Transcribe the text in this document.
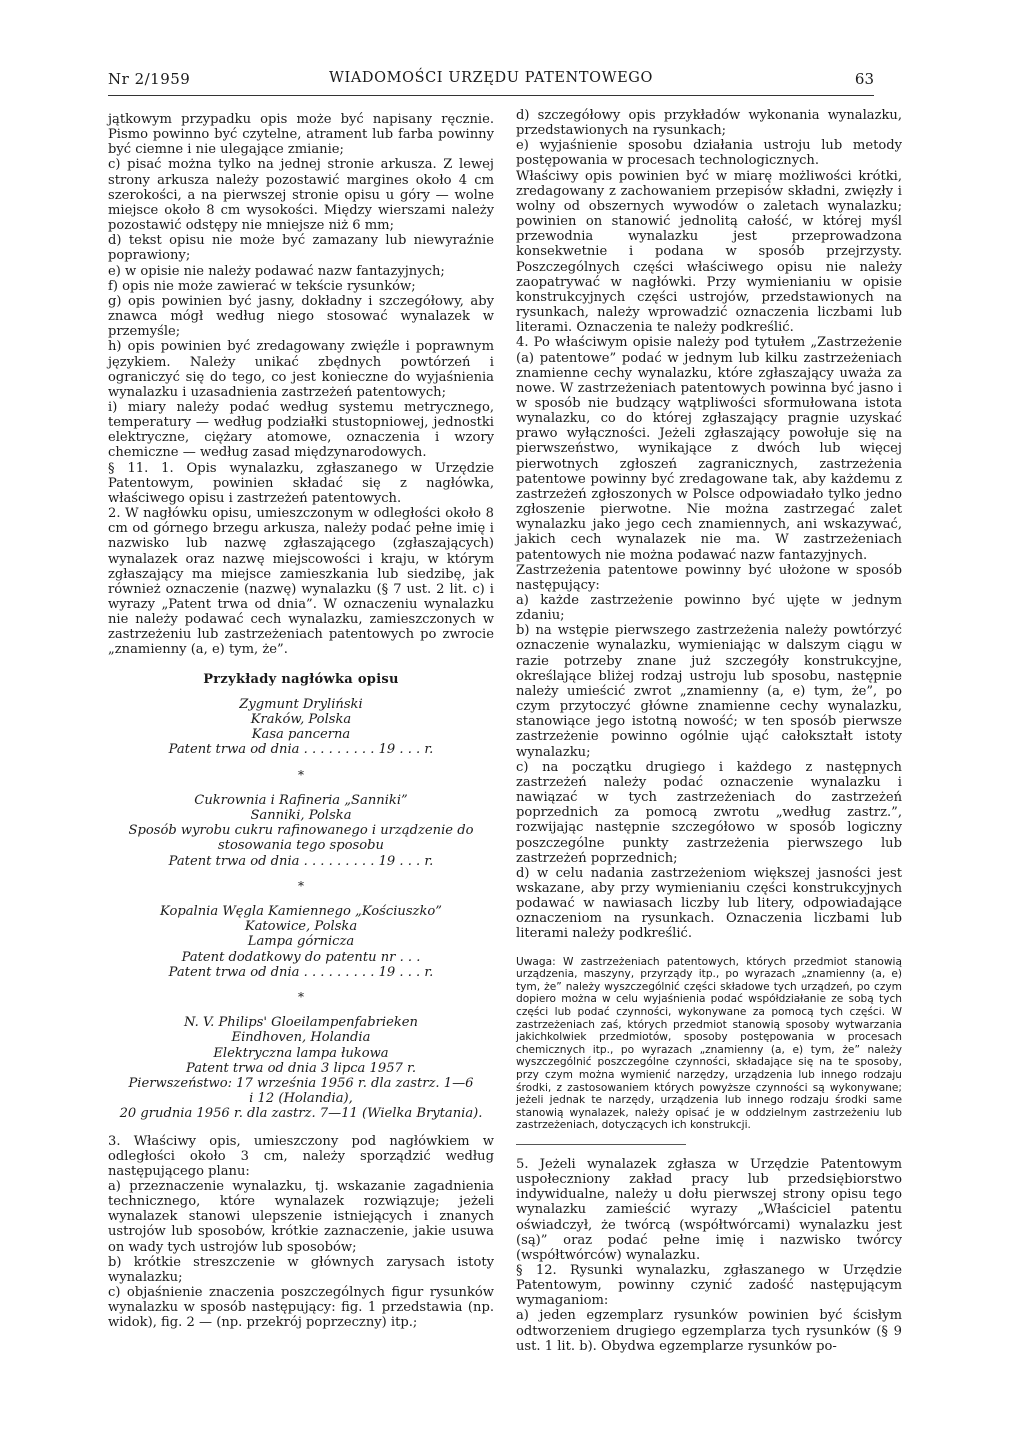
Nr 2/1959	WIADOMOŚCI URZĘDU PATENTOWEGO	63

jątkowym przypadku opis może być napisany ręcznie. Pismo powinno być czytelne, atrament lub farba powinny być ciemne i nie ulegające zmianie;

c) pisać można tylko na jednej stronie arkusza. Z lewej strony arkusza należy pozostawić margines około 4 cm szerokości, a na pierwszej stronie opisu u góry — wolne miejsce około 8 cm wysokości. Między wierszami należy pozostawić odstępy nie mniejsze niż 6 mm;

d) tekst opisu nie może być zamazany lub niewyraźnie poprawiony;

e) w opisie nie należy podawać nazw fantazyjnych;

f) opis nie może zawierać w tekście rysunków;

g) opis powinien być jasny, dokładny i szczegółowy, aby znawca mógł według niego stosować wynalazek w przemyśle;

h) opis powinien być zredagowany zwięźle i poprawnym językiem. Należy unikać zbędnych powtórzeń i ograniczyć się do tego, co jest konieczne do wyjaśnienia wynalazku i uzasadnienia zastrzeżeń patentowych;

i) miary należy podać według systemu metrycznego, temperatury — według podziałki stustopniowej, jednostki elektryczne, ciężary atomowe, oznaczenia i wzory chemiczne — według zasad międzynarodowych.

§ 11. 1. Opis wynalazku, zgłaszanego w Urzędzie Patentowym, powinien składać się z nagłówka, właściwego opisu i zastrzeżeń patentowych.

2. W nagłówku opisu, umieszczonym w odległości około 8 cm od górnego brzegu arkusza, należy podać pełne imię i nazwisko lub nazwę zgłaszającego (zgłaszających) wynalazek oraz nazwę miejscowości i kraju, w którym zgłaszający ma miejsce zamieszkania lub siedzibę, jak również oznaczenie (nazwę) wynalazku (§ 7 ust. 2 lit. c) i wyrazy „Patent trwa od dnia”. W oznaczeniu wynalazku nie należy podawać cech wynalazku, zamieszczonych w zastrzeżeniu lub zastrzeżeniach patentowych po zwrocie „znamienny (a, e) tym, że”.

Przykłady nagłówka opisu
Zygmunt Dryliński
Kraków, Polska
Kasa pancerna
Patent trwa od dnia . . . . . . . . . 19 . . . r.
*
Cukrownia i Rafineria „Sanniki”
Sanniki, Polska
Sposób wyrobu cukru rafinowanego i urządzenie do
stosowania tego sposobu
Patent trwa od dnia . . . . . . . . . 19 . . . r.
*
Kopalnia Węgla Kamiennego „Kościuszko”
Katowice, Polska
Lampa górnicza
Patent dodatkowy do patentu nr . . .
Patent trwa od dnia . . . . . . . . . 19 . . . r.
*
N. V. Philips' Gloeilampenfabrieken
Eindhoven, Holandia
Elektryczna lampa łukowa
Patent trwa od dnia 3 lipca 1957 r.
Pierwszeństwo: 17 września 1956 r. dla zastrz. 1—6
i 12 (Holandia),
20 grudnia 1956 r. dla zastrz. 7—11 (Wielka Brytania).

3. Właściwy opis, umieszczony pod nagłówkiem w odległości około 3 cm, należy sporządzić według następującego planu:

a) przeznaczenie wynalazku, tj. wskazanie zagadnienia technicznego, które wynalazek rozwiązuje; jeżeli wynalazek stanowi ulepszenie istniejących i znanych ustrojów lub sposobów, krótkie zaznaczenie, jakie usuwa on wady tych ustrojów lub sposobów;

b) krótkie streszczenie w głównych zarysach istoty wynalazku;

c) objaśnienie znaczenia poszczególnych figur rysunków wynalazku w sposób następujący: fig. 1 przedstawia (np. widok), fig. 2 — (np. przekrój poprzeczny) itp.;

d) szczegółowy opis przykładów wykonania wynalazku, przedstawionych na rysunkach;

e) wyjaśnienie sposobu działania ustroju lub metody postępowania w procesach technologicznych.

Właściwy opis powinien być w miarę możliwości krótki, zredagowany z zachowaniem przepisów składni, zwięzły i wolny od obszernych wywodów o zaletach wynalazku; powinien on stanowić jednolitą całość, w której myśl przewodnia wynalazku jest przeprowadzona konsekwetnie i podana w sposób przejrzysty. Poszczególnych części właściwego opisu nie należy zaopatrywać w nagłówki. Przy wymienianiu w opisie konstrukcyjnych części ustrojów, przedstawionych na rysunkach, należy wprowadzić oznaczenia liczbami lub literami. Oznaczenia te należy podkreślić.

4. Po właściwym opisie należy pod tytułem „Zastrzeżenie (a) patentowe” podać w jednym lub kilku zastrzeżeniach znamienne cechy wynalazku, które zgłaszający uważa za nowe. W zastrzeżeniach patentowych powinna być jasno i w sposób nie budzący wątpliwości sformułowana istota wynalazku, co do której zgłaszający pragnie uzyskać prawo wyłączności. Jeżeli zgłaszający powołuje się na pierwszeństwo, wynikające z dwóch lub więcej pierwotnych zgłoszeń zagranicznych, zastrzeżenia patentowe powinny być zredagowane tak, aby każdemu z zastrzeżeń zgłoszonych w Polsce odpowiadało tylko jedno zgłoszenie pierwotne. Nie można zastrzegać zalet wynalazku jako jego cech znamiennych, ani wskazywać, jakich cech wynalazek nie ma. W zastrzeżeniach patentowych nie można podawać nazw fantazyjnych.

Zastrzeżenia patentowe powinny być ułożone w sposób następujący:

a) każde zastrzeżenie powinno być ujęte w jednym zdaniu;

b) na wstępie pierwszego zastrzeżenia należy powtórzyć oznaczenie wynalazku, wymieniając w dalszym ciągu w razie potrzeby znane już szczegóły konstrukcyjne, określające bliżej rodzaj ustroju lub sposobu, następnie należy umieścić zwrot „znamienny (a, e) tym, że”, po czym przytoczyć główne znamienne cechy wynalazku, stanowiące jego istotną nowość; w ten sposób pierwsze zastrzeżenie powinno ogólnie ująć całokształt istoty wynalazku;

c) na początku drugiego i każdego z następnych zastrzeżeń należy podać oznaczenie wynalazku i nawiązać w tych zastrzeżeniach do zastrzeżeń poprzednich za pomocą zwrotu „według zastrz.”, rozwijając następnie szczegółowo w sposób logiczny poszczególne punkty zastrzeżenia pierwszego lub zastrzeżeń poprzednich;

d) w celu nadania zastrzeżeniom większej jasności jest wskazane, aby przy wymienianiu części konstrukcyjnych podawać w nawiasach liczby lub litery, odpowiadające oznaczeniom na rysunkach. Oznaczenia liczbami lub literami należy podkreślić.

Uwaga: W zastrzeżeniach patentowych, których przedmiot stanowią urządzenia, maszyny, przyrządy itp., po wyrazach „znamienny (a, e) tym, że” należy wyszczególnić części składowe tych urządzeń, po czym dopiero można w celu wyjaśnienia podać współdziałanie ze sobą tych części lub podać czynności, wykonywane za pomocą tych części. W zastrzeżeniach zaś, których przedmiot stanowią sposoby wytwarzania jakichkolwiek przedmiotów, sposoby postępowania w procesach chemicznych itp., po wyrazach „znamienny (a, e) tym, że” należy wyszczególnić poszczególne czynności, składające się na te sposoby, przy czym można wymienić narzędzy, urządzenia lub innego rodzaju środki, z zastosowaniem których powyższe czynności są wykonywane; jeżeli jednak te narzędy, urządzenia lub innego rodzaju środki same stanowią wynalazek, należy opisać je w oddzielnym zastrzeżeniu lub zastrzeżeniach, dotyczących ich konstrukcji.

5. Jeżeli wynalazek zgłasza w Urzędzie Patentowym uspołeczniony zakład pracy lub przedsiębiorstwo indywidualne, należy u dołu pierwszej strony opisu tego wynalazku zamieścić wyrazy „Właściciel patentu oświadczył, że twórcą (współtwórcami) wynalazku jest (są)” oraz podać pełne imię i nazwisko twórcy (współtwórców) wynalazku.

§ 12. Rysunki wynalazku, zgłaszanego w Urzędzie Patentowym, powinny czynić zadość następującym wymaganiom:

a) jeden egzemplarz rysunków powinien być ścisłym odtworzeniem drugiego egzemplarza tych rysunków (§ 9 ust. 1 lit. b). Obydwa egzemplarze rysunków po-
